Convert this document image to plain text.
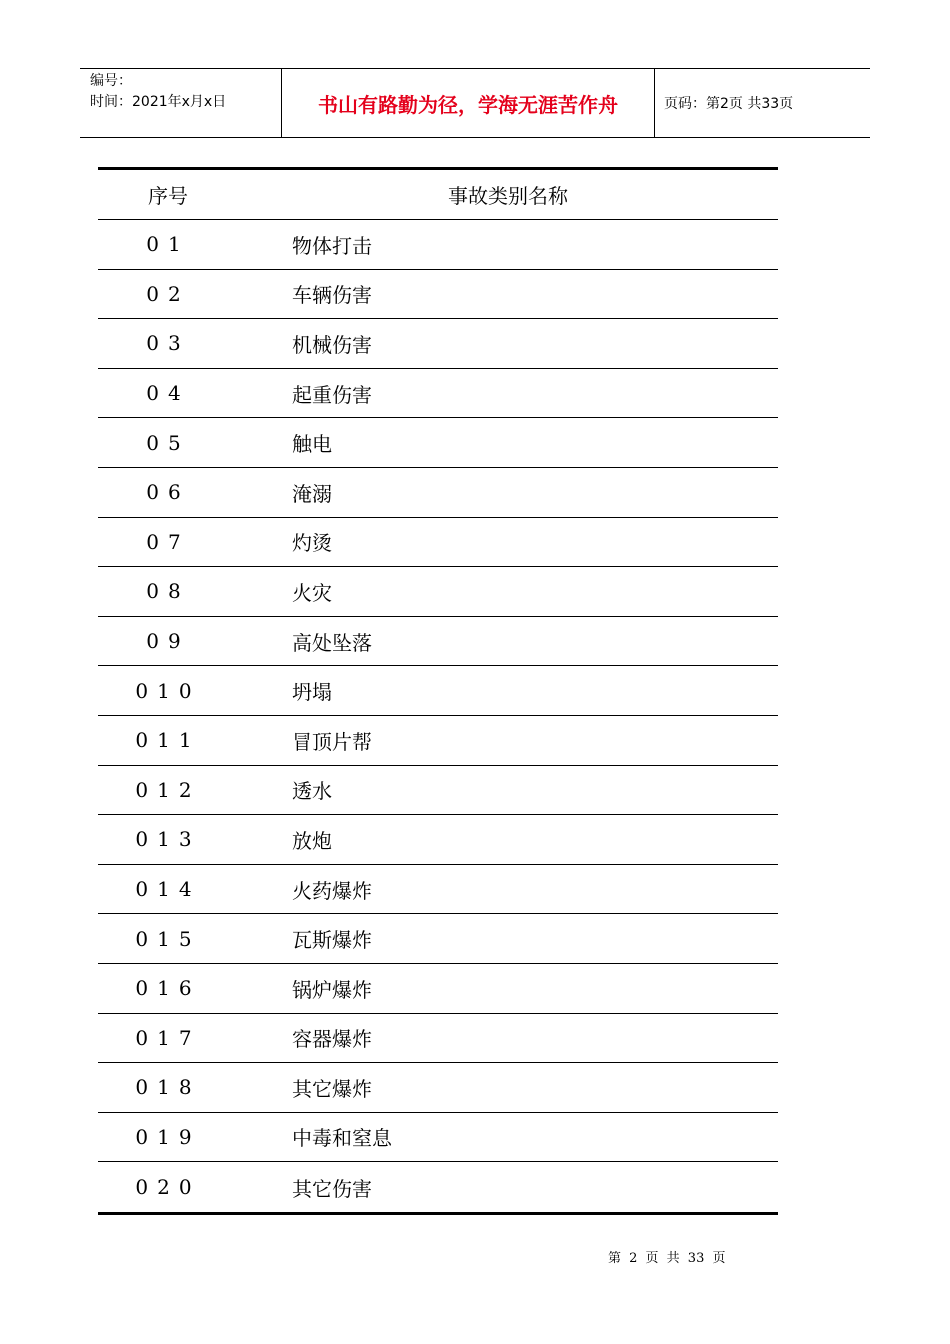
编号：
时间：2021年x月x日	书山有路勤为径，学海无涯苦作舟	页码：第2页 共33页
序号	事故类别名称
01	物体打击
02	车辆伤害
03	机械伤害
04	起重伤害
05	触电
06	淹溺
07	灼烫
08	火灾
09	高处坠落
010	坍塌
011	冒顶片帮
012	透水
013	放炮
014	火药爆炸
015	瓦斯爆炸
016	锅炉爆炸
017	容器爆炸
018	其它爆炸
019	中毒和窒息
020	其它伤害
第 2 页 共 33 页
